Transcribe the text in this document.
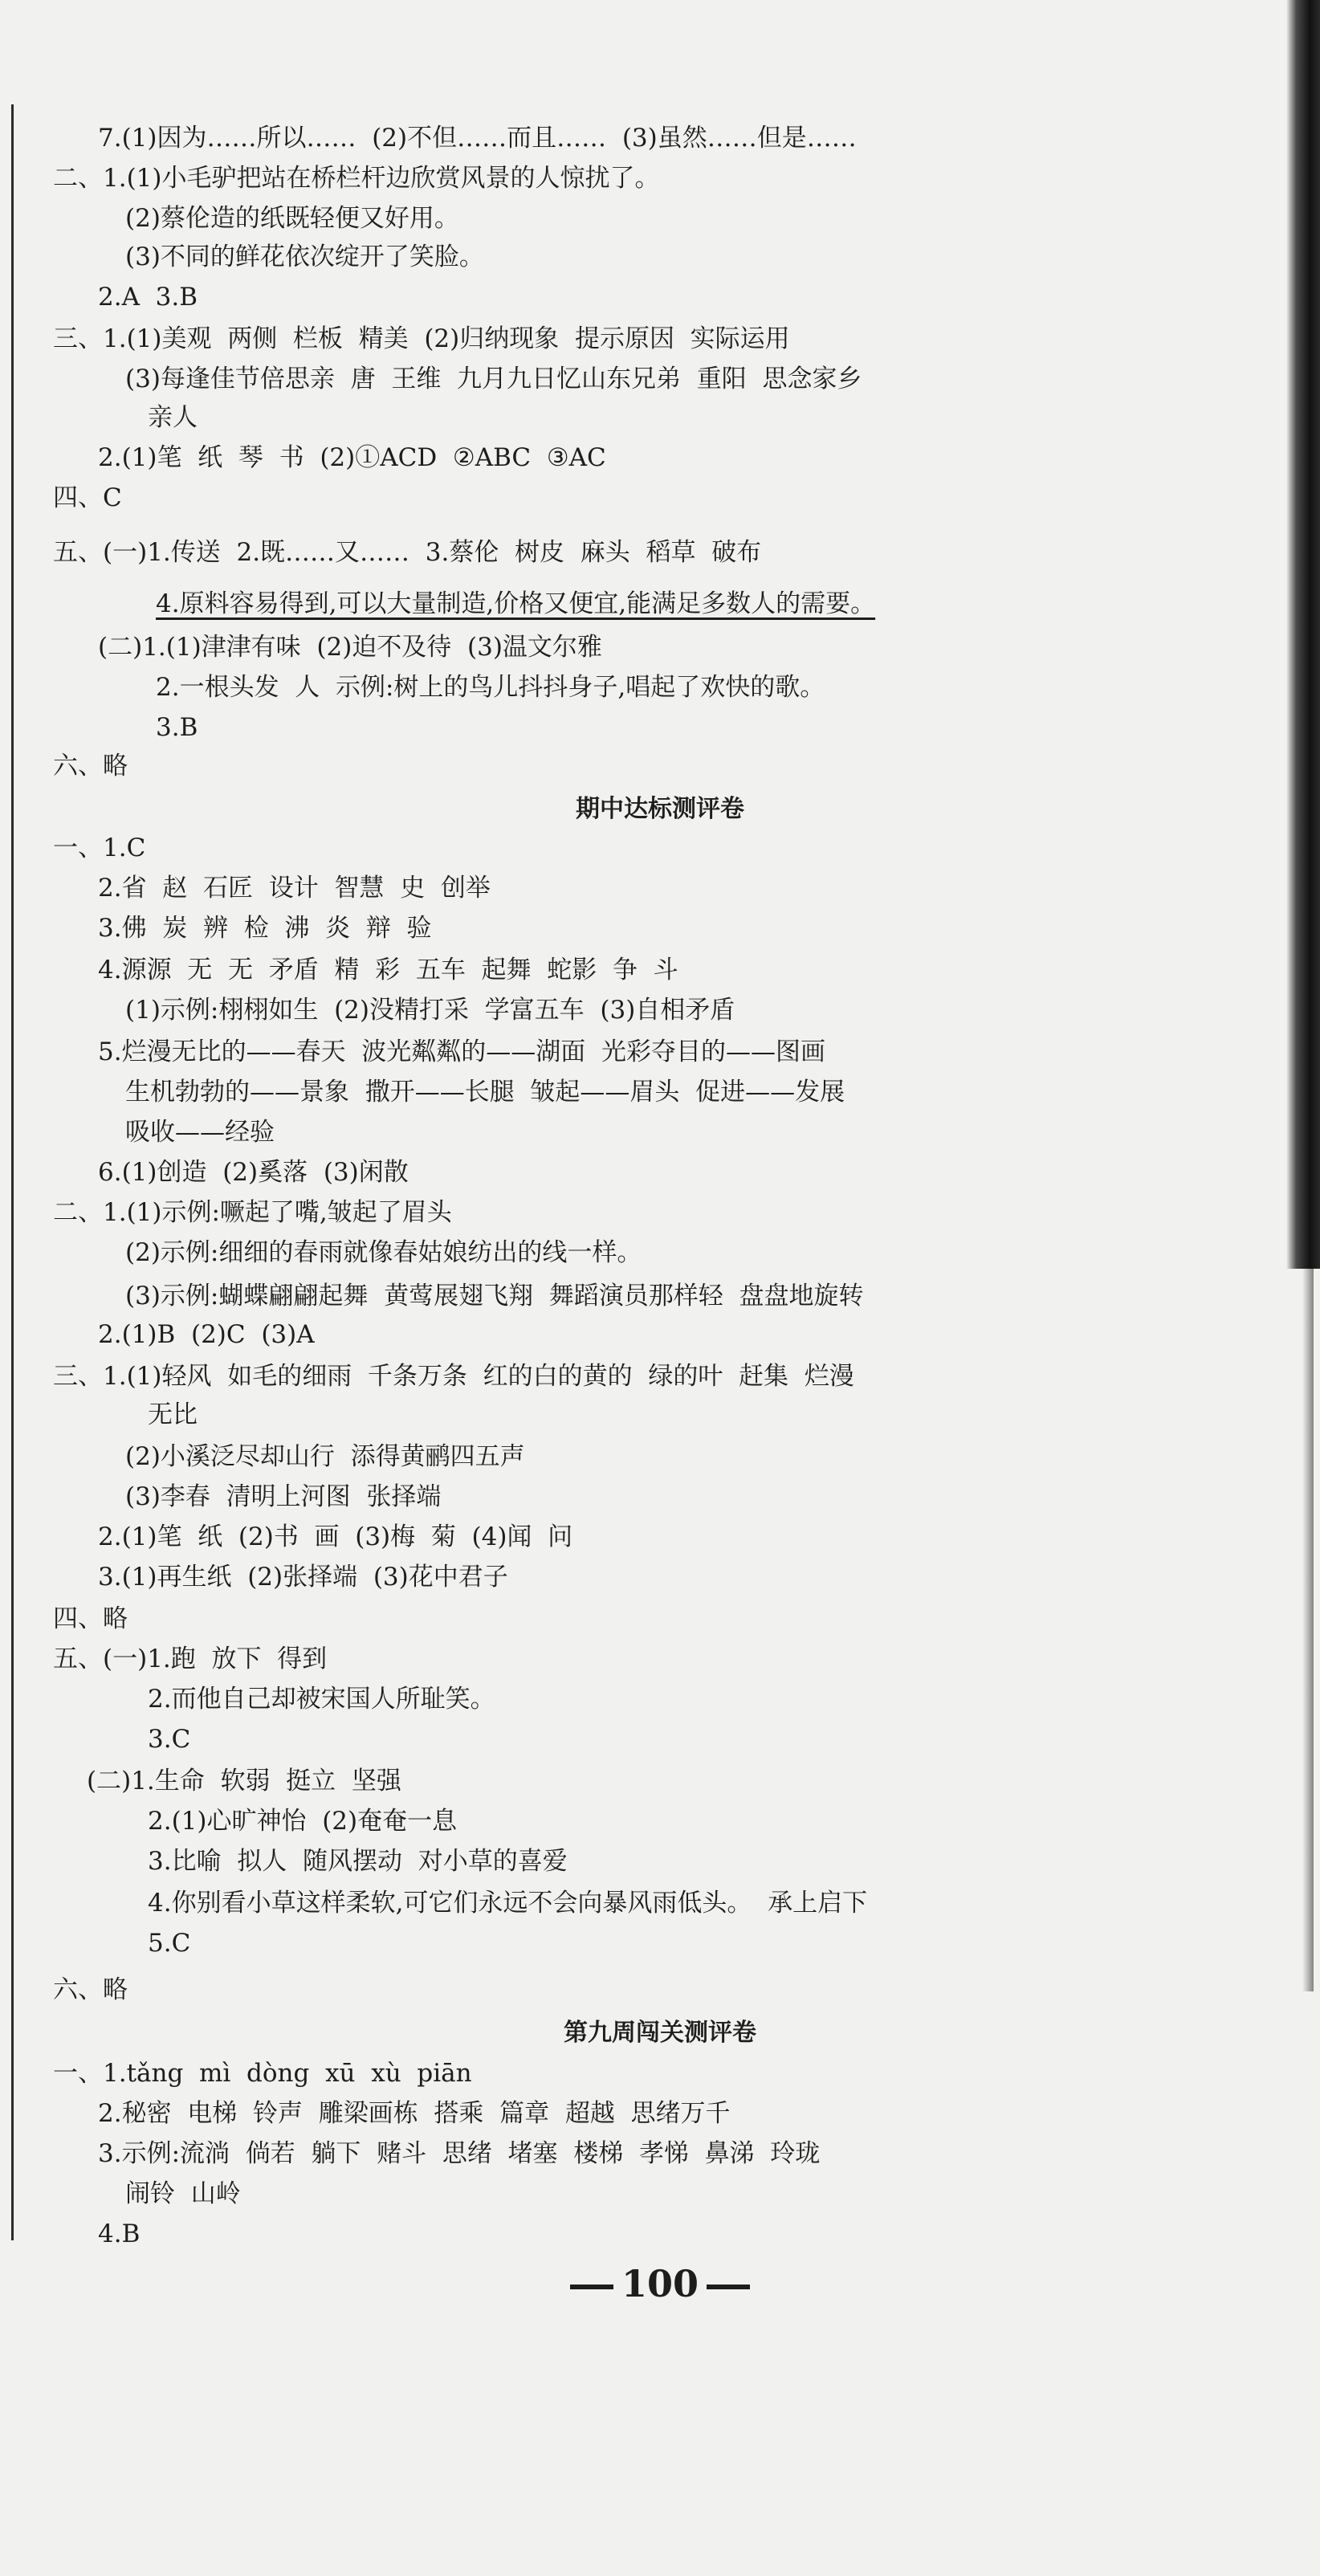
7.(1)因为……所以……  (2)不但……而且……  (3)虽然……但是……
二、1.(1)小毛驴把站在桥栏杆边欣赏风景的人惊扰了。
(2)蔡伦造的纸既轻便又好用。
(3)不同的鲜花依次绽开了笑脸。
2.A  3.B
三、1.(1)美观  两侧  栏板  精美  (2)归纳现象  提示原因  实际运用
(3)每逢佳节倍思亲  唐  王维  九月九日忆山东兄弟  重阳  思念家乡
亲人
2.(1)笔  纸  琴  书  (2)①ACD  ②ABC  ③AC
四、C
五、(一)1.传送  2.既……又……  3.蔡伦  树皮  麻头  稻草  破布
4.原料容易得到,可以大量制造,价格又便宜,能满足多数人的需要。
(二)1.(1)津津有味  (2)迫不及待  (3)温文尔雅
2.一根头发  人  示例:树上的鸟儿抖抖身子,唱起了欢快的歌。
3.B
六、略
期中达标测评卷
一、1.C
2.省  赵  石匠  设计  智慧  史  创举
3.佛  炭  辨  检  沸  炎  辩  验
4.源源  无  无  矛盾  精  彩  五车  起舞  蛇影  争  斗
(1)示例:栩栩如生  (2)没精打采  学富五车  (3)自相矛盾
5.烂漫无比的——春天  波光粼粼的——湖面  光彩夺目的——图画
生机勃勃的——景象  撒开——长腿  皱起——眉头  促进——发展
吸收——经验
6.(1)创造  (2)奚落  (3)闲散
二、1.(1)示例:噘起了嘴,皱起了眉头
(2)示例:细细的春雨就像春姑娘纺出的线一样。
(3)示例:蝴蝶翩翩起舞  黄莺展翅飞翔  舞蹈演员那样轻  盘盘地旋转
2.(1)B  (2)C  (3)A
三、1.(1)轻风  如毛的细雨  千条万条  红的白的黄的  绿的叶  赶集  烂漫
无比
(2)小溪泛尽却山行  添得黄鹂四五声
(3)李春  清明上河图  张择端
2.(1)笔  纸  (2)书  画  (3)梅  菊  (4)闻  问
3.(1)再生纸  (2)张择端  (3)花中君子
四、略
五、(一)1.跑  放下  得到
2.而他自己却被宋国人所耻笑。
3.C
(二)1.生命  软弱  挺立  坚强
2.(1)心旷神怡  (2)奄奄一息
3.比喻  拟人  随风摆动  对小草的喜爱
4.你别看小草这样柔软,可它们永远不会向暴风雨低头。  承上启下
5.C
六、略
第九周闯关测评卷
一、1.tǎng  mì  dòng  xū  xù  piān
2.秘密  电梯  铃声  雕梁画栋  搭乘  篇章  超越  思绪万千
3.示例:流淌  倘若  躺下  赌斗  思绪  堵塞  楼梯  孝悌  鼻涕  玲珑
闹铃  山岭
4.B
100
